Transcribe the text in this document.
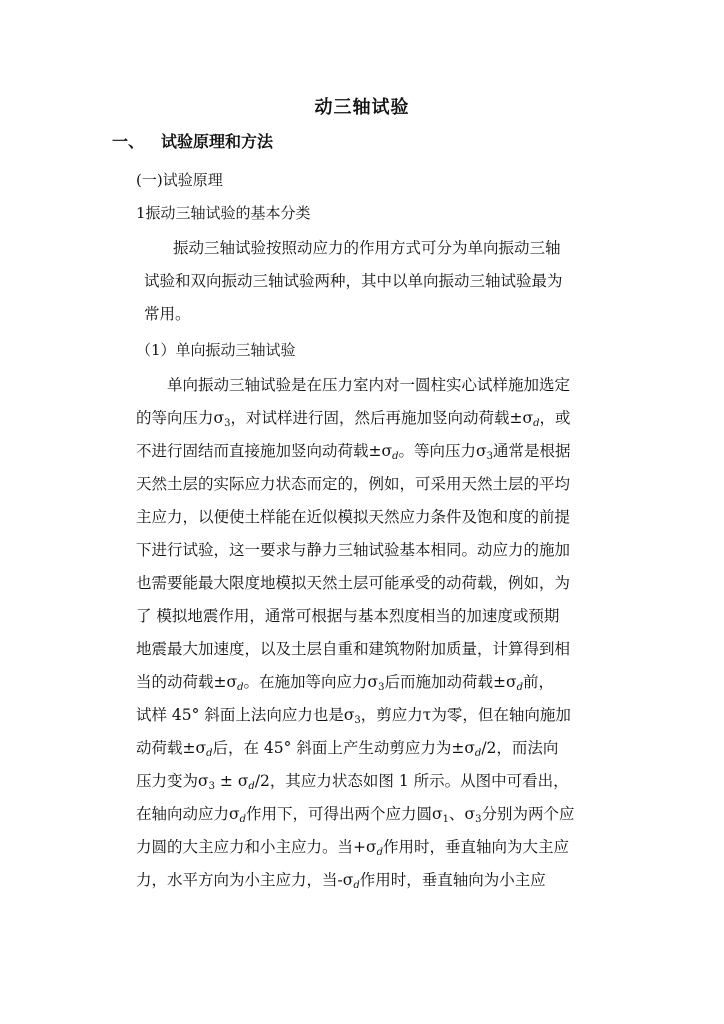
动三轴试验
一、 试验原理和方法
(一)试验原理
1振动三轴试验的基本分类
振动三轴试验按照动应力的作用方式可分为单向振动三轴
试验和双向振动三轴试验两种，其中以单向振动三轴试验最为
常用。
（1）单向振动三轴试验
单向振动三轴试验是在压力室内对一圆柱实心试样施加选定
的等向压力$\sigma_3$，对试样进行固，然后再施加竖向动荷载$\pm\sigma_d$，或
不进行固结而直接施加竖向动荷载$\pm\sigma_d$。等向压力$\sigma_3$通常是根据
天然土层的实际应力状态而定的，例如，可采用天然土层的平均
主应力，以便使土样能在近似模拟天然应力条件及饱和度的前提
下进行试验，这一要求与静力三轴试验基本相同。动应力的施加
也需要能最大限度地模拟天然土层可能承受的动荷载，例如，为
了 模拟地震作用，通常可根据与基本烈度相当的加速度或预期
地震最大加速度，以及土层自重和建筑物附加质量，计算得到相
当的动荷载$\pm\sigma_d$。在施加等向应力$\sigma_3$后而施加动荷载$\pm\sigma_d$前，
试样 45° 斜面上法向应力也是$\sigma_3$，剪应力τ为零，但在轴向施加
动荷载$\pm\sigma_d$后，在 45° 斜面上产生动剪应力为$\pm\sigma_d/2$，而法向
压力变为$\sigma_3 \pm \sigma_d/2$，其应力状态如图 1 所示。从图中可看出，
在轴向动应力$\sigma_d$作用下，可得出两个应力圆$\sigma_1$、$\sigma_3$分别为两个应
力圆的大主应力和小主应力。当$+\sigma_d$作用时，垂直轴向为大主应
力，水平方向为小主应力，当$-\sigma_d$作用时，垂直轴向为小主应
